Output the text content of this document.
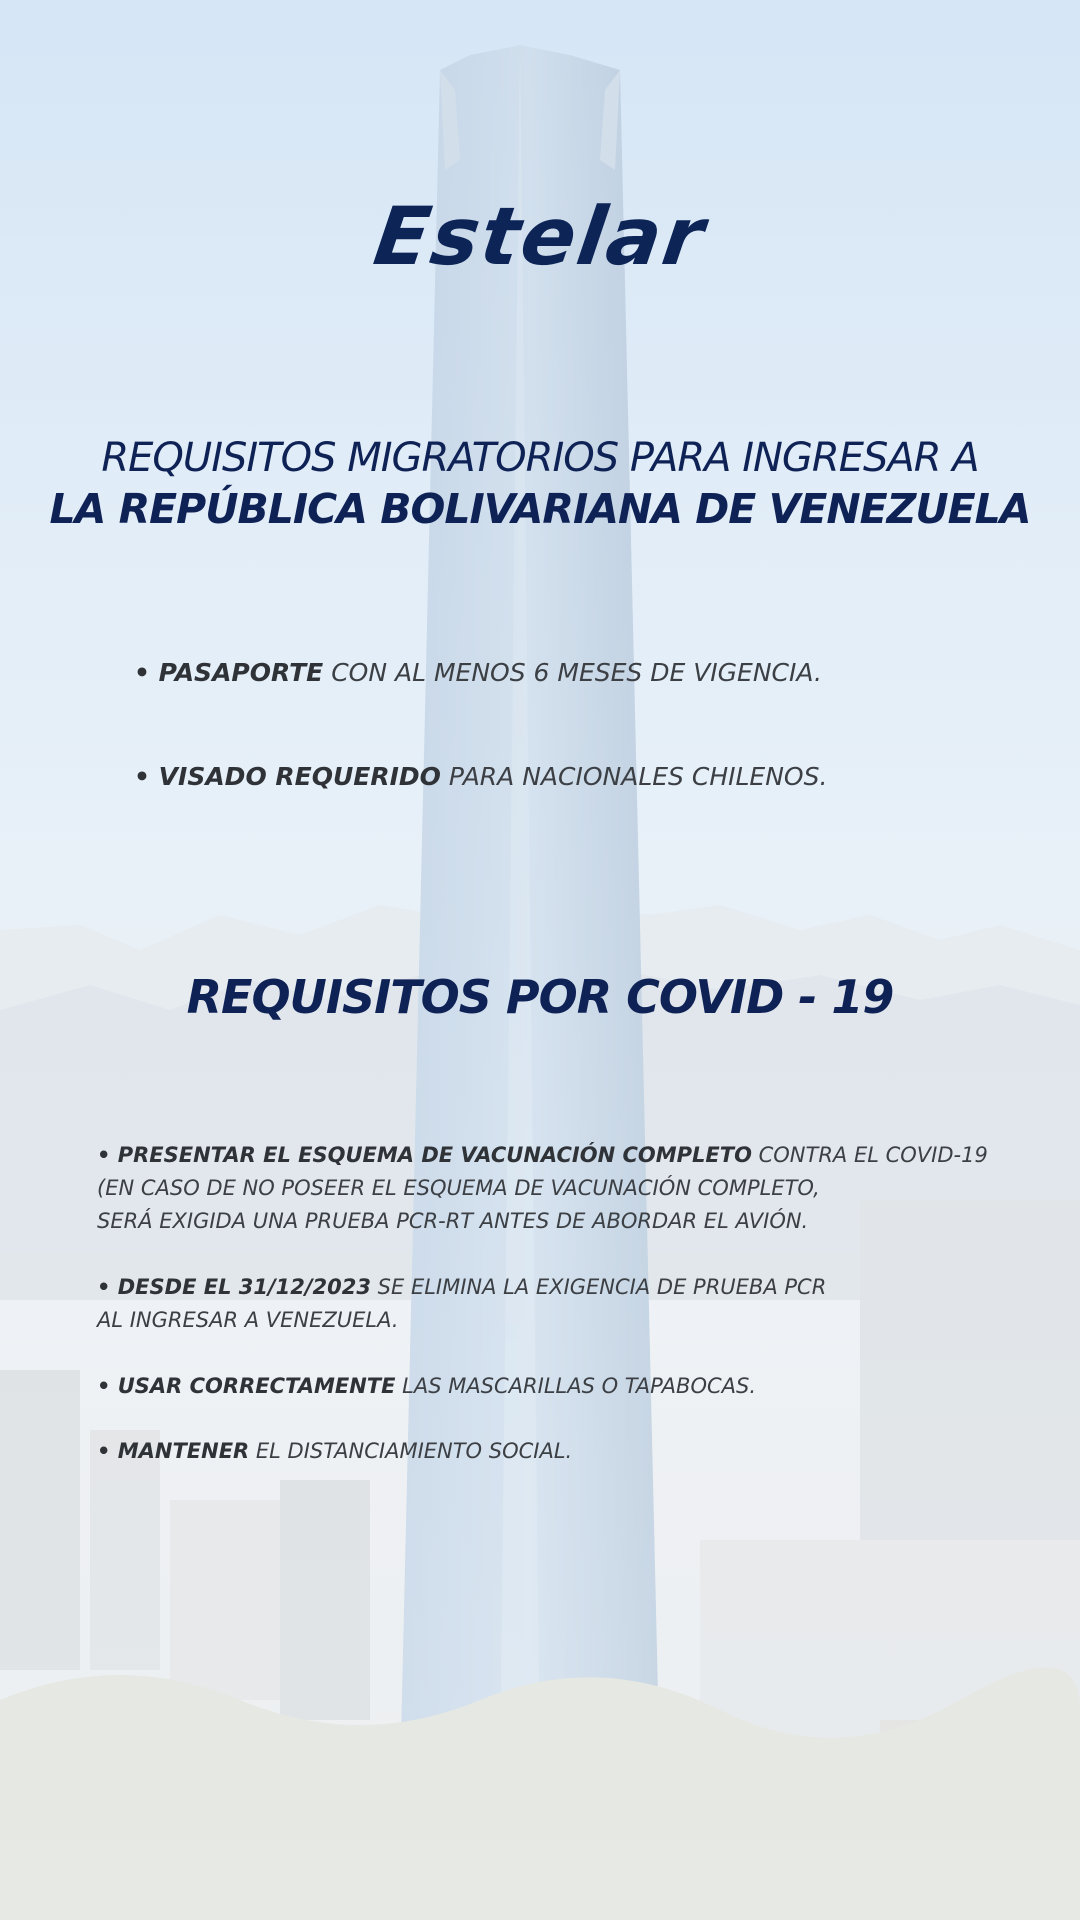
Estelar
REQUISITOS MIGRATORIOS PARA INGRESAR A
LA REPÚBLICA BOLIVARIANA DE VENEZUELA
• PASAPORTE CON AL MENOS 6 MESES DE VIGENCIA.
• VISADO REQUERIDO PARA NACIONALES CHILENOS.
REQUISITOS POR COVID - 19
• PRESENTAR EL ESQUEMA DE VACUNACIÓN COMPLETO CONTRA EL COVID-19
(EN CASO DE NO POSEER EL ESQUEMA DE VACUNACIÓN COMPLETO,
SERÁ EXIGIDA UNA PRUEBA PCR-RT ANTES DE ABORDAR EL AVIÓN.
• DESDE EL 31/12/2023 SE ELIMINA LA EXIGENCIA DE PRUEBA PCR
AL INGRESAR A VENEZUELA.
• USAR CORRECTAMENTE LAS MASCARILLAS O TAPABOCAS.
• MANTENER EL DISTANCIAMIENTO SOCIAL.
